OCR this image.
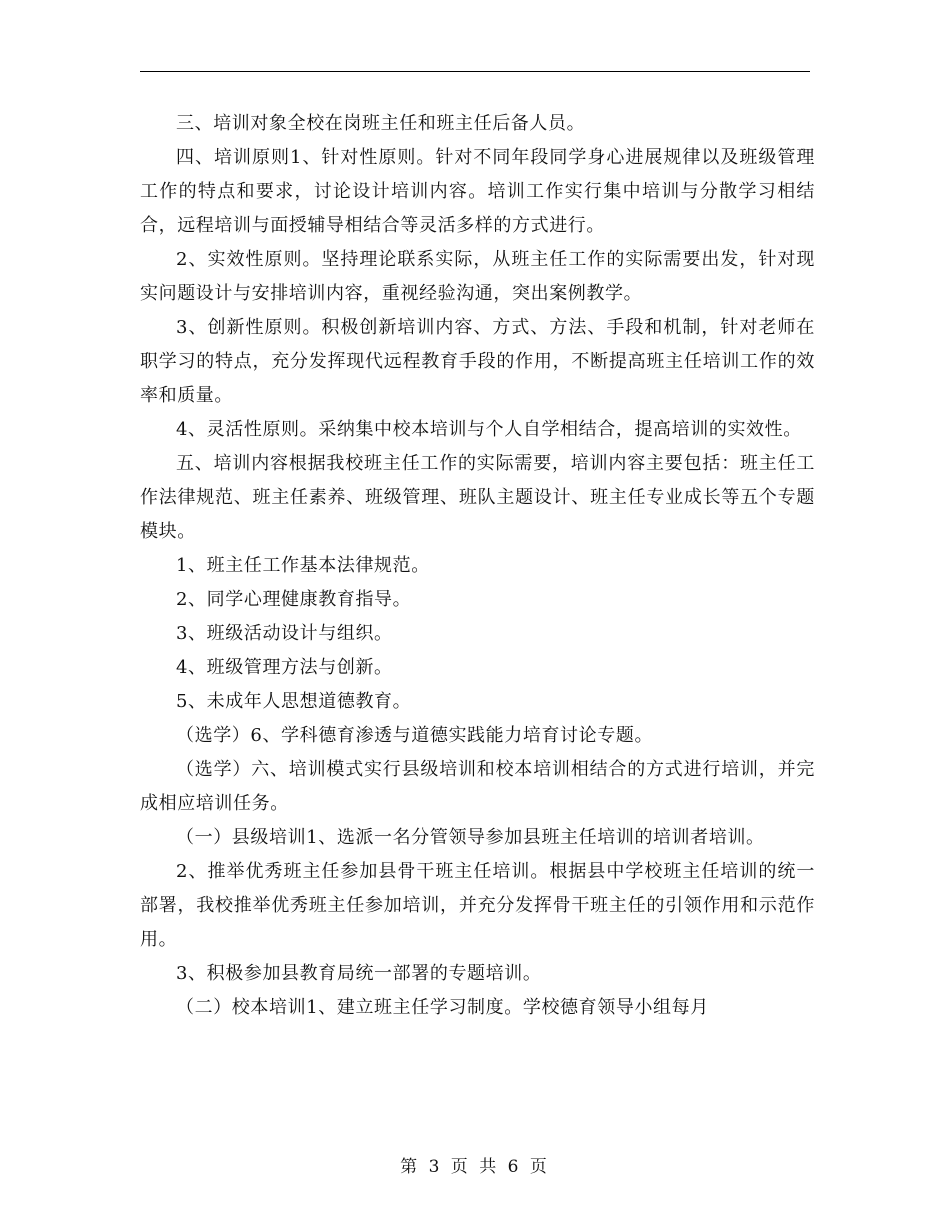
三、培训对象全校在岗班主任和班主任后备人员。

四、培训原则1、针对性原则。针对不同年段同学身心进展规律以及班级管理工作的特点和要求，讨论设计培训内容。培训工作实行集中培训与分散学习相结合，远程培训与面授辅导相结合等灵活多样的方式进行。

2、实效性原则。坚持理论联系实际，从班主任工作的实际需要出发，针对现实问题设计与安排培训内容，重视经验沟通，突出案例教学。

3、创新性原则。积极创新培训内容、方式、方法、手段和机制，针对老师在职学习的特点，充分发挥现代远程教育手段的作用，不断提高班主任培训工作的效率和质量。

4、灵活性原则。采纳集中校本培训与个人自学相结合，提高培训的实效性。

五、培训内容根据我校班主任工作的实际需要，培训内容主要包括：班主任工作法律规范、班主任素养、班级管理、班队主题设计、班主任专业成长等五个专题模块。

1、班主任工作基本法律规范。

2、同学心理健康教育指导。

3、班级活动设计与组织。

4、班级管理方法与创新。

5、未成年人思想道德教育。

（选学）6、学科德育渗透与道德实践能力培育讨论专题。

（选学）六、培训模式实行县级培训和校本培训相结合的方式进行培训，并完成相应培训任务。

（一）县级培训1、选派一名分管领导参加县班主任培训的培训者培训。

2、推举优秀班主任参加县骨干班主任培训。根据县中学校班主任培训的统一部署，我校推举优秀班主任参加培训，并充分发挥骨干班主任的引领作用和示范作用。

3、积极参加县教育局统一部署的专题培训。

（二）校本培训1、建立班主任学习制度。学校德育领导小组每月

第 3 页 共 6 页
